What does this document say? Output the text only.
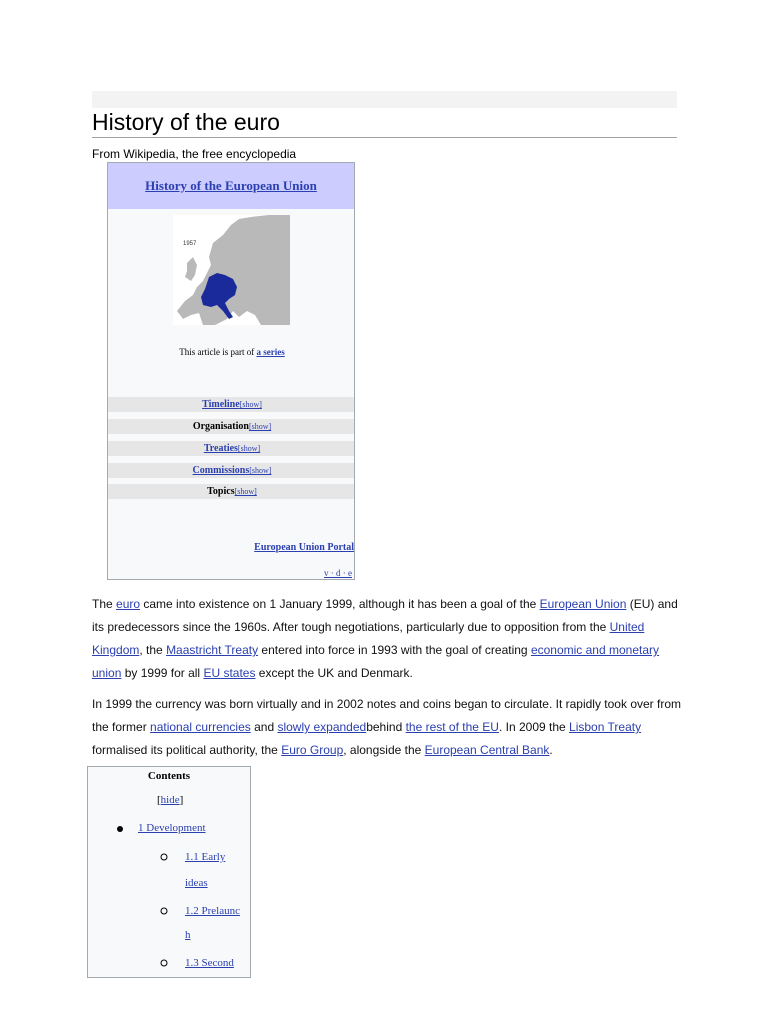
History of the euro
From Wikipedia, the free encyclopedia
History of the European Union
1957
This article is part of a series
Timeline[show]
Organisation[show]
Treaties[show]
Commissions[show]
Topics[show]
European Union Portal
v · d · e
The euro came into existence on 1 January 1999, although it has been a goal of the European Union (EU) and its predecessors since the 1960s. After tough negotiations, particularly due to opposition from the United Kingdom, the Maastricht Treaty entered into force in 1993 with the goal of creating economic and monetary union by 1999 for all EU states except the UK and Denmark.
In 1999 the currency was born virtually and in 2002 notes and coins began to circulate. It rapidly took over from the former national currencies and slowly expandedbehind the rest of the EU. In 2009 the Lisbon Treaty formalised its political authority, the Euro Group, alongside the European Central Bank.
Contents
[hide]
1 Development
1.1 Early
ideas
1.2 Prelaunc
h
1.3 Second
